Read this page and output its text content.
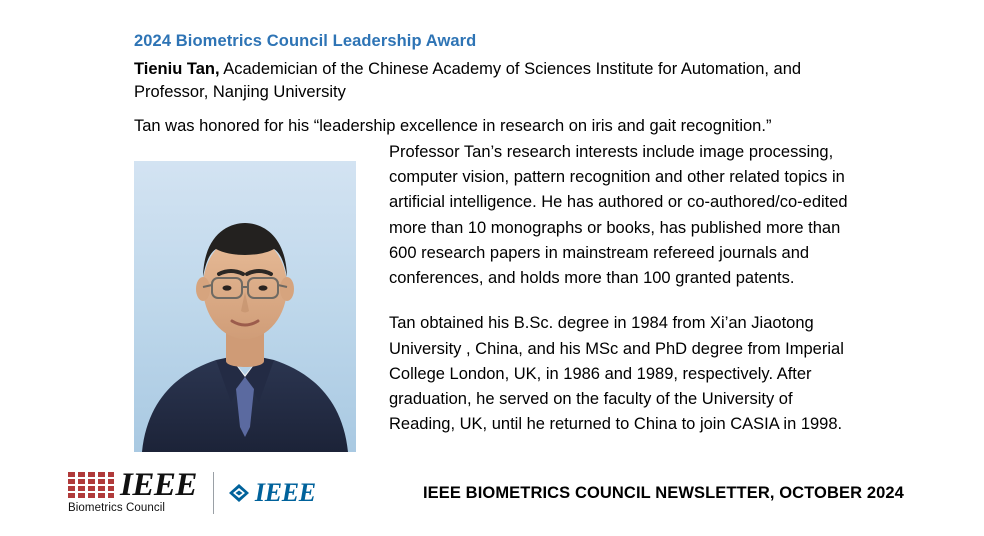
2024 Biometrics Council Leadership Award
Tieniu Tan, Academician of the Chinese Academy of Sciences Institute for Automation, and Professor, Nanjing University
Tan was honored for his “leadership excellence in research on iris and gait recognition.”

Professor Tan’s research interests include image processing, computer vision, pattern recognition and other related topics in artificial intelligence. He has authored or co-authored/co-edited more than 10 monographs or books, has published more than 600 research papers in mainstream refereed journals and conferences, and holds more than 100 granted patents.

Tan obtained his B.Sc. degree in 1984 from Xi’an Jiaotong University , China, and his MSc and PhD degree from Imperial College London, UK, in 1986 and 1989, respectively. After graduation, he served on the faculty of the University of Reading, UK, until he returned to China to join CASIA in 1998.

IEEE
Biometrics Council
IEEE	IEEE BIOMETRICS COUNCIL NEWSLETTER, OCTOBER 2024
